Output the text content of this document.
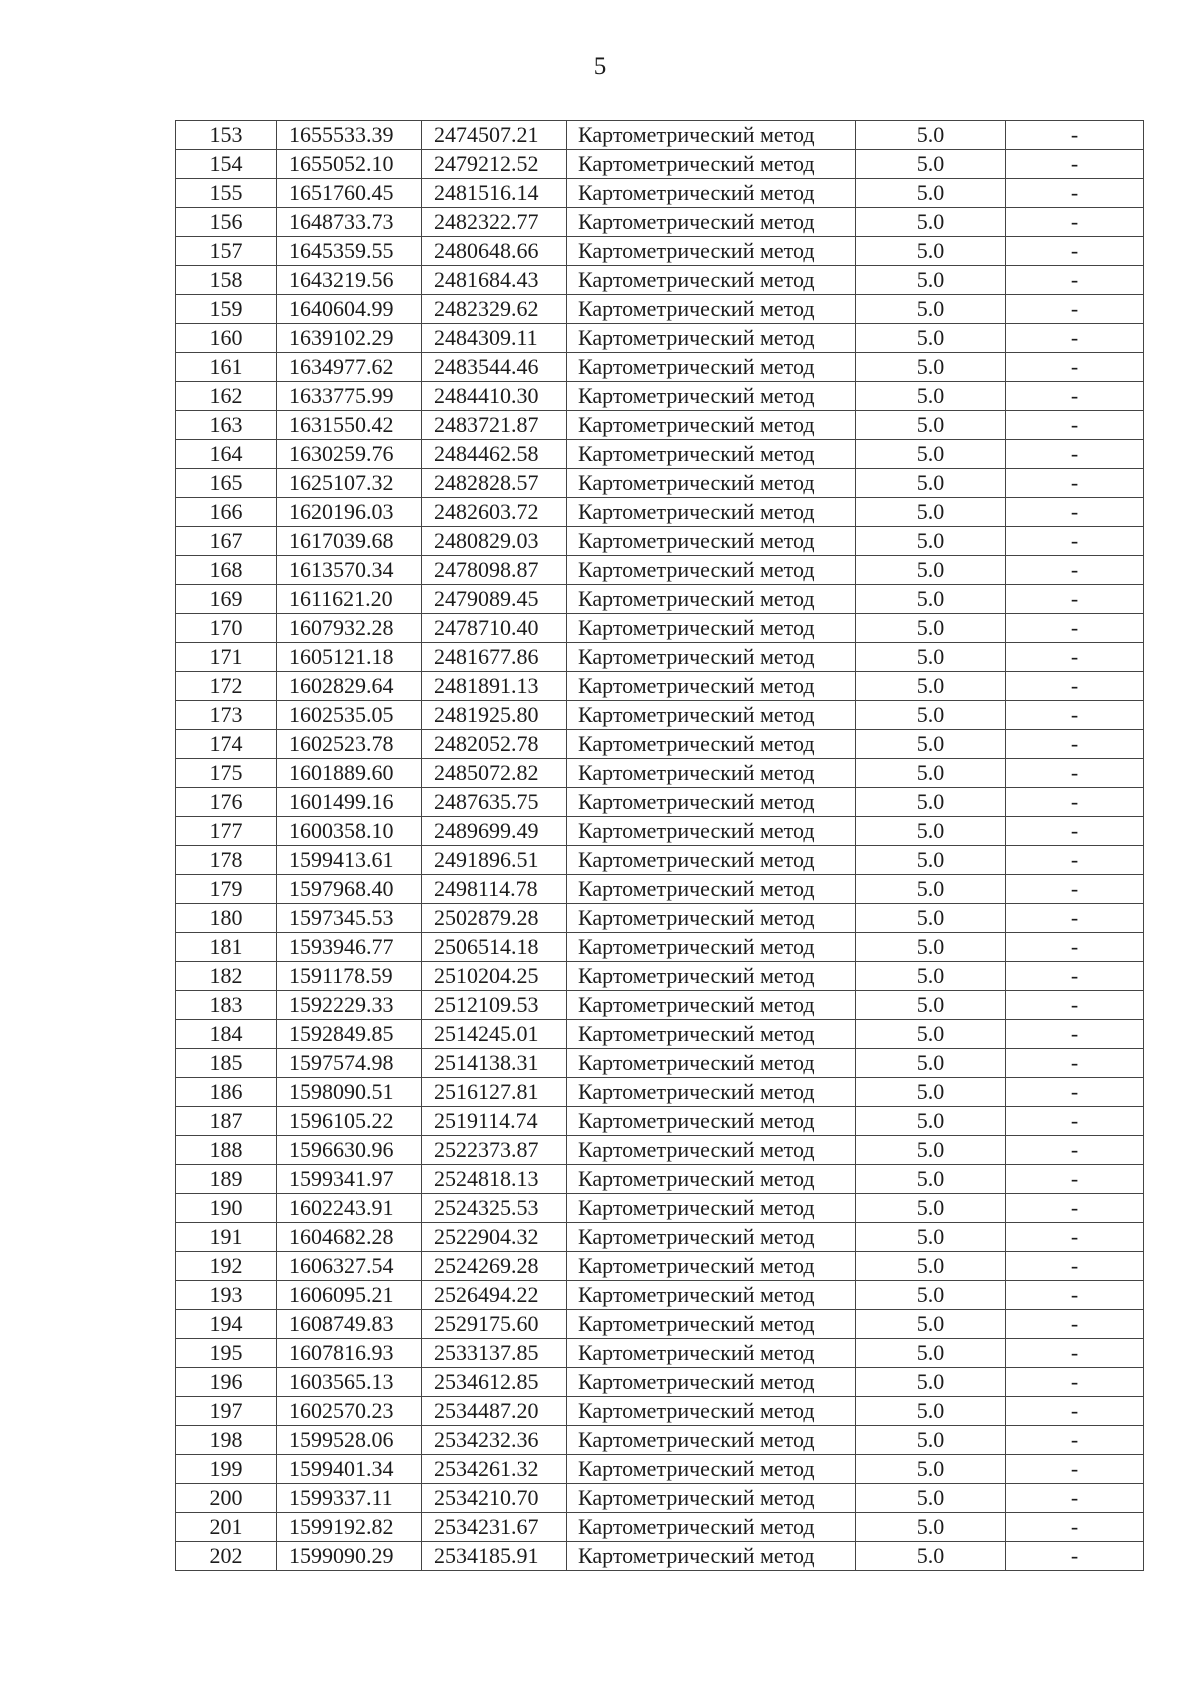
5
153	1655533.39	2474507.21	Картометрический метод	5.0	-
154	1655052.10	2479212.52	Картометрический метод	5.0	-
155	1651760.45	2481516.14	Картометрический метод	5.0	-
156	1648733.73	2482322.77	Картометрический метод	5.0	-
157	1645359.55	2480648.66	Картометрический метод	5.0	-
158	1643219.56	2481684.43	Картометрический метод	5.0	-
159	1640604.99	2482329.62	Картометрический метод	5.0	-
160	1639102.29	2484309.11	Картометрический метод	5.0	-
161	1634977.62	2483544.46	Картометрический метод	5.0	-
162	1633775.99	2484410.30	Картометрический метод	5.0	-
163	1631550.42	2483721.87	Картометрический метод	5.0	-
164	1630259.76	2484462.58	Картометрический метод	5.0	-
165	1625107.32	2482828.57	Картометрический метод	5.0	-
166	1620196.03	2482603.72	Картометрический метод	5.0	-
167	1617039.68	2480829.03	Картометрический метод	5.0	-
168	1613570.34	2478098.87	Картометрический метод	5.0	-
169	1611621.20	2479089.45	Картометрический метод	5.0	-
170	1607932.28	2478710.40	Картометрический метод	5.0	-
171	1605121.18	2481677.86	Картометрический метод	5.0	-
172	1602829.64	2481891.13	Картометрический метод	5.0	-
173	1602535.05	2481925.80	Картометрический метод	5.0	-
174	1602523.78	2482052.78	Картометрический метод	5.0	-
175	1601889.60	2485072.82	Картометрический метод	5.0	-
176	1601499.16	2487635.75	Картометрический метод	5.0	-
177	1600358.10	2489699.49	Картометрический метод	5.0	-
178	1599413.61	2491896.51	Картометрический метод	5.0	-
179	1597968.40	2498114.78	Картометрический метод	5.0	-
180	1597345.53	2502879.28	Картометрический метод	5.0	-
181	1593946.77	2506514.18	Картометрический метод	5.0	-
182	1591178.59	2510204.25	Картометрический метод	5.0	-
183	1592229.33	2512109.53	Картометрический метод	5.0	-
184	1592849.85	2514245.01	Картометрический метод	5.0	-
185	1597574.98	2514138.31	Картометрический метод	5.0	-
186	1598090.51	2516127.81	Картометрический метод	5.0	-
187	1596105.22	2519114.74	Картометрический метод	5.0	-
188	1596630.96	2522373.87	Картометрический метод	5.0	-
189	1599341.97	2524818.13	Картометрический метод	5.0	-
190	1602243.91	2524325.53	Картометрический метод	5.0	-
191	1604682.28	2522904.32	Картометрический метод	5.0	-
192	1606327.54	2524269.28	Картометрический метод	5.0	-
193	1606095.21	2526494.22	Картометрический метод	5.0	-
194	1608749.83	2529175.60	Картометрический метод	5.0	-
195	1607816.93	2533137.85	Картометрический метод	5.0	-
196	1603565.13	2534612.85	Картометрический метод	5.0	-
197	1602570.23	2534487.20	Картометрический метод	5.0	-
198	1599528.06	2534232.36	Картометрический метод	5.0	-
199	1599401.34	2534261.32	Картометрический метод	5.0	-
200	1599337.11	2534210.70	Картометрический метод	5.0	-
201	1599192.82	2534231.67	Картометрический метод	5.0	-
202	1599090.29	2534185.91	Картометрический метод	5.0	-
